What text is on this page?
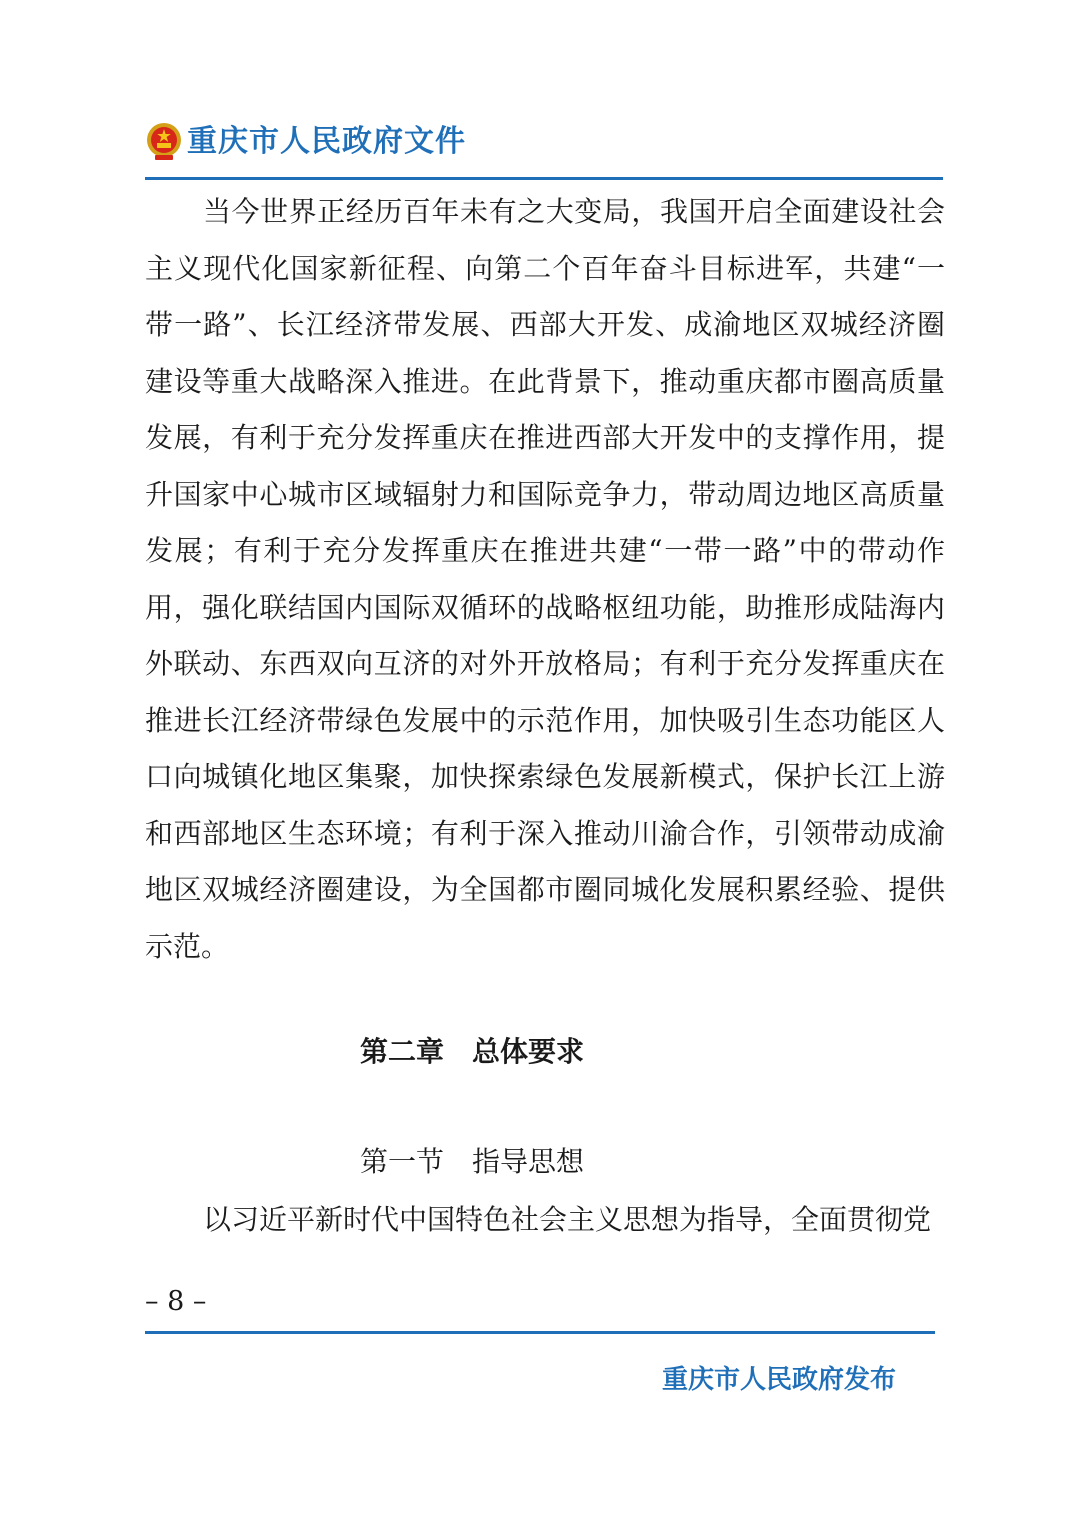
重庆市人民政府文件
当今世界正经历百年未有之大变局，我国开启全面建设社会
主义现代化国家新征程、向第二个百年奋斗目标进军，共建“一
带一路”、长江经济带发展、西部大开发、成渝地区双城经济圈
建设等重大战略深入推进。在此背景下，推动重庆都市圈高质量
发展，有利于充分发挥重庆在推进西部大开发中的支撑作用，提
升国家中心城市区域辐射力和国际竞争力，带动周边地区高质量
发展；有利于充分发挥重庆在推进共建“一带一路”中的带动作
用，强化联结国内国际双循环的战略枢纽功能，助推形成陆海内
外联动、东西双向互济的对外开放格局；有利于充分发挥重庆在
推进长江经济带绿色发展中的示范作用，加快吸引生态功能区人
口向城镇化地区集聚，加快探索绿色发展新模式，保护长江上游
和西部地区生态环境；有利于深入推动川渝合作，引领带动成渝
地区双城经济圈建设，为全国都市圈同城化发展积累经验、提供
示范。
第二章　总体要求
第一节　指导思想
以习近平新时代中国特色社会主义思想为指导，全面贯彻党
– 8 –
重庆市人民政府发布
